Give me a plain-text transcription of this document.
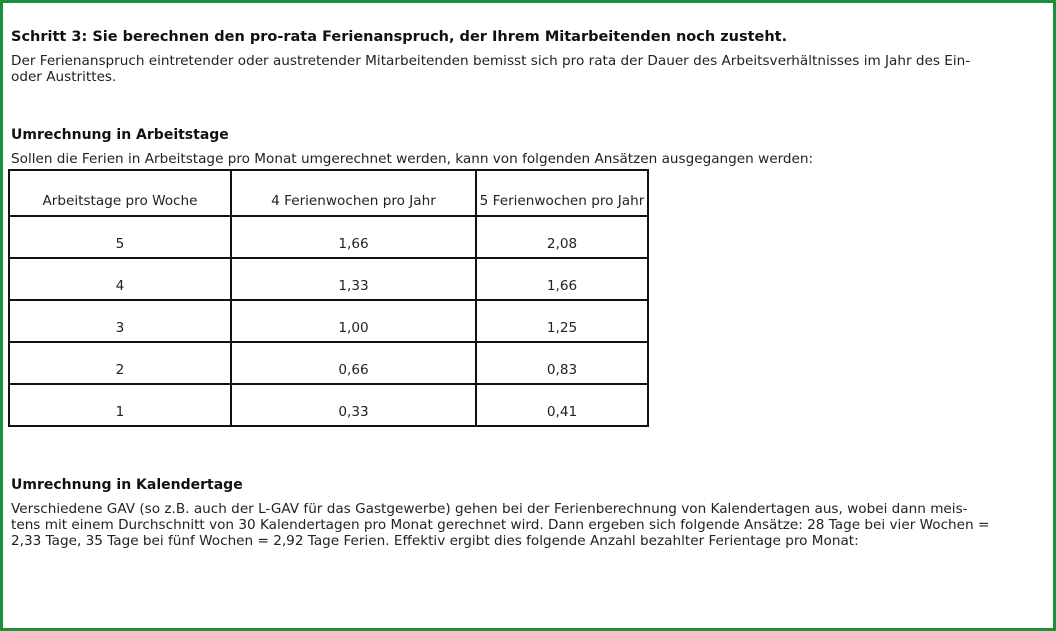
Schritt 3: Sie berechnen den pro-rata Ferienanspruch, der Ihrem Mitarbeitenden noch zusteht.

Der Ferienanspruch eintretender oder austretender Mitarbeitenden bemisst sich pro rata der Dauer des Arbeitsverhältnisses im Jahr des Ein-
oder Austrittes.

Umrechnung in Arbeitstage

Sollen die Ferien in Arbeitstage pro Monat umgerechnet werden, kann von folgenden Ansätzen ausgegangen werden:

Arbeitstage pro Woche	4 Ferienwochen pro Jahr	5 Ferienwochen pro Jahr
5	1,66	2,08
4	1,33	1,66
3	1,00	1,25
2	0,66	0,83
1	0,33	0,41
Umrechnung in Kalendertage

Verschiedene GAV (so z.B. auch der L-GAV für das Gastgewerbe) gehen bei der Ferienberechnung von Kalendertagen aus, wobei dann meis-
tens mit einem Durchschnitt von 30 Kalendertagen pro Monat gerechnet wird. Dann ergeben sich folgende Ansätze: 28 Tage bei vier Wochen =
2,33 Tage, 35 Tage bei fünf Wochen = 2,92 Tage Ferien. Effektiv ergibt dies folgende Anzahl bezahlter Ferientage pro Monat:
